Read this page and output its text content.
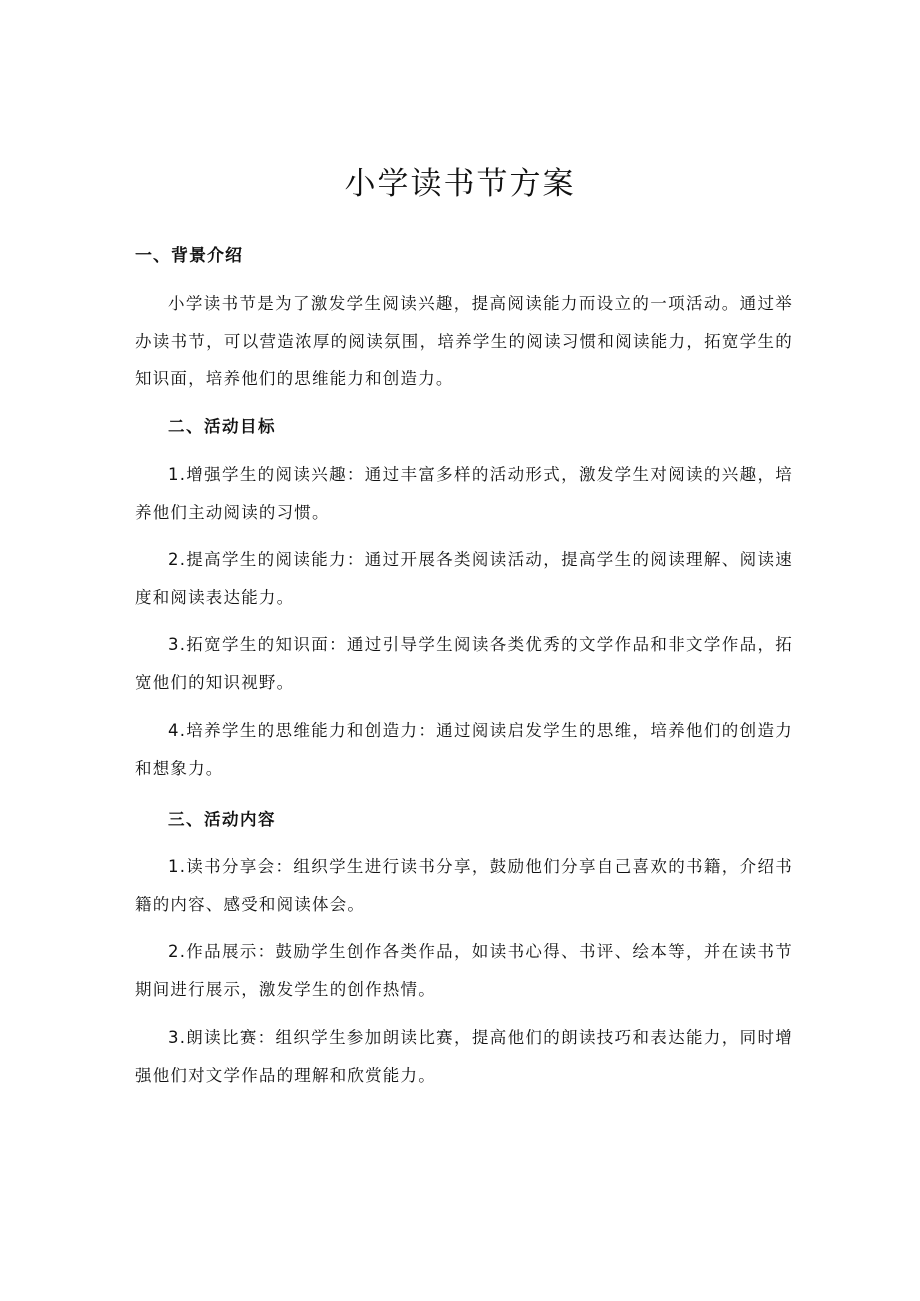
小学读书节方案
一、背景介绍

小学读书节是为了激发学生阅读兴趣，提高阅读能力而设立的一项活动。通过举办读书节，可以营造浓厚的阅读氛围，培养学生的阅读习惯和阅读能力，拓宽学生的知识面，培养他们的思维能力和创造力。

二、活动目标

1.增强学生的阅读兴趣：通过丰富多样的活动形式，激发学生对阅读的兴趣，培养他们主动阅读的习惯。

2.提高学生的阅读能力：通过开展各类阅读活动，提高学生的阅读理解、阅读速度和阅读表达能力。

3.拓宽学生的知识面：通过引导学生阅读各类优秀的文学作品和非文学作品，拓宽他们的知识视野。

4.培养学生的思维能力和创造力：通过阅读启发学生的思维，培养他们的创造力和想象力。

三、活动内容

1.读书分享会：组织学生进行读书分享，鼓励他们分享自己喜欢的书籍，介绍书籍的内容、感受和阅读体会。

2.作品展示：鼓励学生创作各类作品，如读书心得、书评、绘本等，并在读书节期间进行展示，激发学生的创作热情。

3.朗读比赛：组织学生参加朗读比赛，提高他们的朗读技巧和表达能力，同时增强他们对文学作品的理解和欣赏能力。
